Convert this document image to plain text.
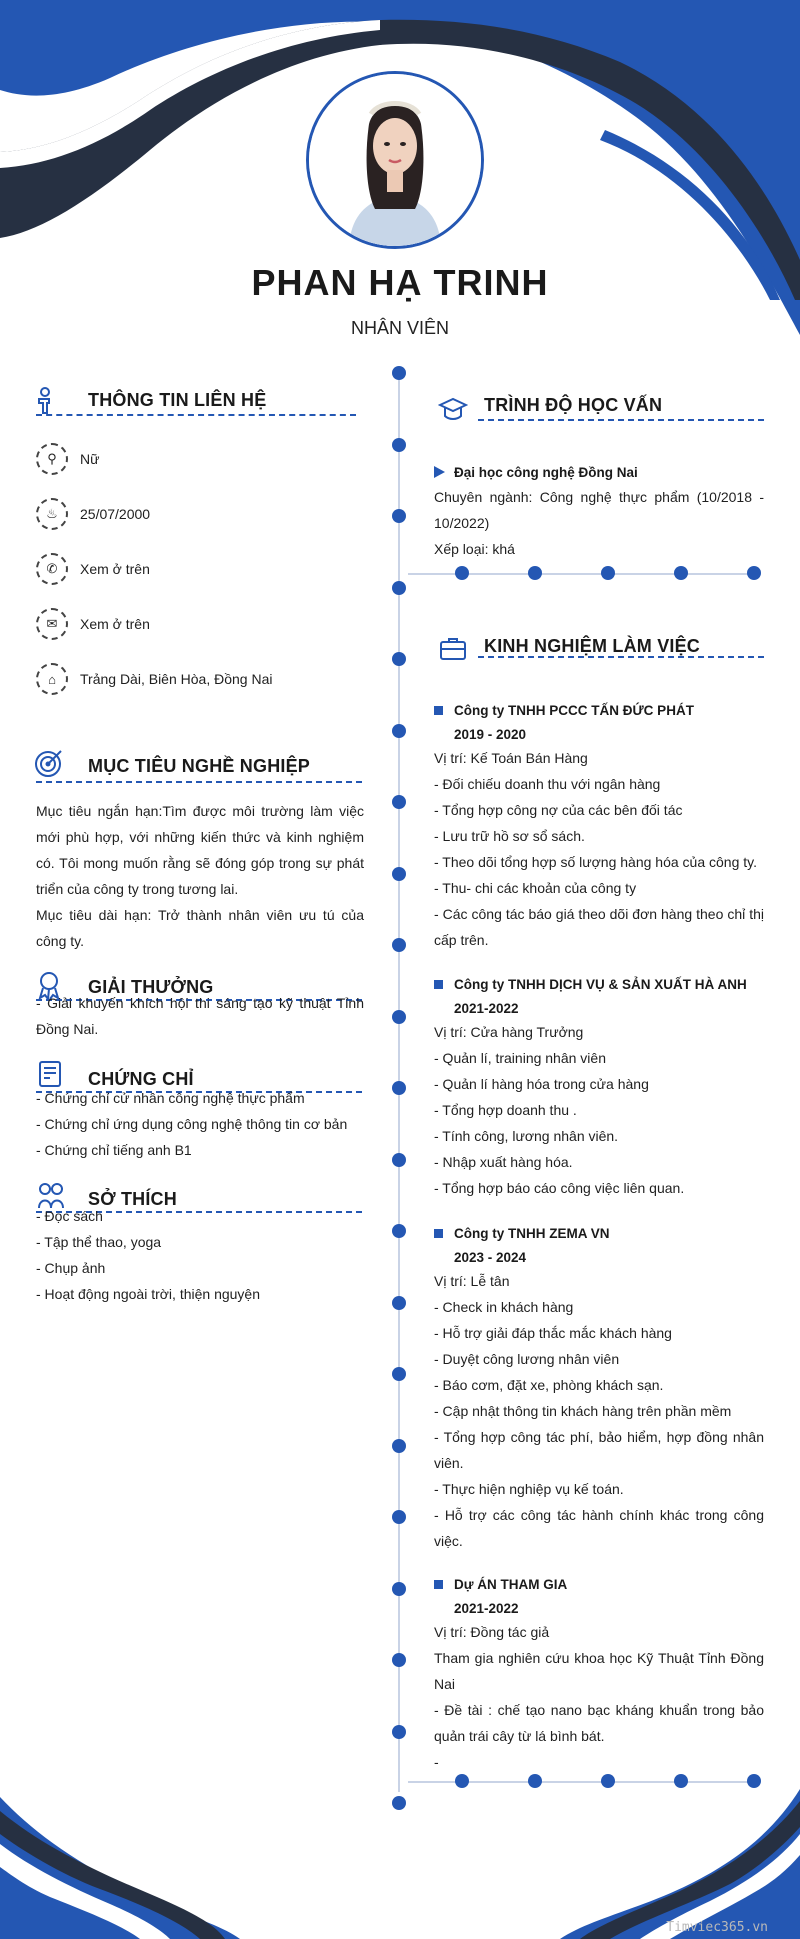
PHAN HẠ TRINH
NHÂN VIÊN
THÔNG TIN LIÊN HỆ
⚲	Nữ
♨	25/07/2000
✆	Xem ở trên
✉	Xem ở trên
⌂	Trảng Dài, Biên Hòa, Đồng Nai
MỤC TIÊU NGHỀ NGHIỆP
Mục tiêu ngắn hạn:Tìm được môi trường làm việc mới phù hợp, với những kiến thức và kinh nghiệm có. Tôi mong muốn rằng sẽ đóng góp trong sự phát triển của công ty trong tương lai.
Mục tiêu dài hạn: Trở thành nhân viên ưu tú của công ty.
GIẢI THƯỞNG
- Giải khuyến khích hội thi sáng tạo kỹ thuật Tỉnh Đồng Nai.
CHỨNG CHỈ
- Chứng chỉ cử nhân công nghệ thực phẩm
- Chứng chỉ ứng dụng công nghệ thông tin cơ bản
- Chứng chỉ tiếng anh B1
SỞ THÍCH
- Đọc sách
- Tập thể thao, yoga
- Chụp ảnh
- Hoạt động ngoài trời, thiện nguyện
TRÌNH ĐỘ HỌC VẤN
Đại học công nghệ Đồng Nai
Chuyên ngành: Công nghệ thực phẩm (10/2018 - 10/2022)
Xếp loại: khá
KINH NGHIỆM LÀM VIỆC
Công ty TNHH PCCC TẤN ĐỨC PHÁT
2019 - 2020
Vị trí: Kế Toán Bán Hàng
- Đối chiếu doanh thu với ngân hàng
- Tổng hợp công nợ của các bên đối tác
- Lưu trữ hồ sơ sổ sách.
- Theo dõi tổng hợp số lượng hàng hóa của công ty.
- Thu- chi các khoản của công ty
- Các công tác báo giá theo dõi đơn hàng theo chỉ thị cấp trên.
Công ty TNHH DỊCH VỤ & SẢN XUẤT HÀ ANH
2021-2022
Vị trí: Cửa hàng Trưởng
- Quản lí, training nhân viên
- Quản lí hàng hóa trong cửa hàng
- Tổng hợp doanh thu .
- Tính công, lương nhân viên.
- Nhập xuất hàng hóa.
- Tổng hợp báo cáo công việc liên quan.
Công ty TNHH ZEMA VN
2023 - 2024
Vị trí: Lễ tân
- Check in khách hàng
- Hỗ trợ giải đáp thắc mắc khách hàng
- Duyệt công lương nhân viên
- Báo cơm, đặt xe, phòng khách sạn.
- Cập nhật thông tin khách hàng trên phần mềm
- Tổng hợp công tác phí, bảo hiểm, hợp đồng nhân viên.
- Thực hiện nghiệp vụ kế toán.
- Hỗ trợ các công tác hành chính khác trong công việc.
Dự ÁN THAM GIA
2021-2022
Vị trí: Đồng tác giả
Tham gia nghiên cứu khoa học Kỹ Thuật Tỉnh Đồng Nai
- Đề tài : chế tạo nano bạc kháng khuẩn trong bảo quản trái cây từ lá bình bát.
-
Timviec365.vn
